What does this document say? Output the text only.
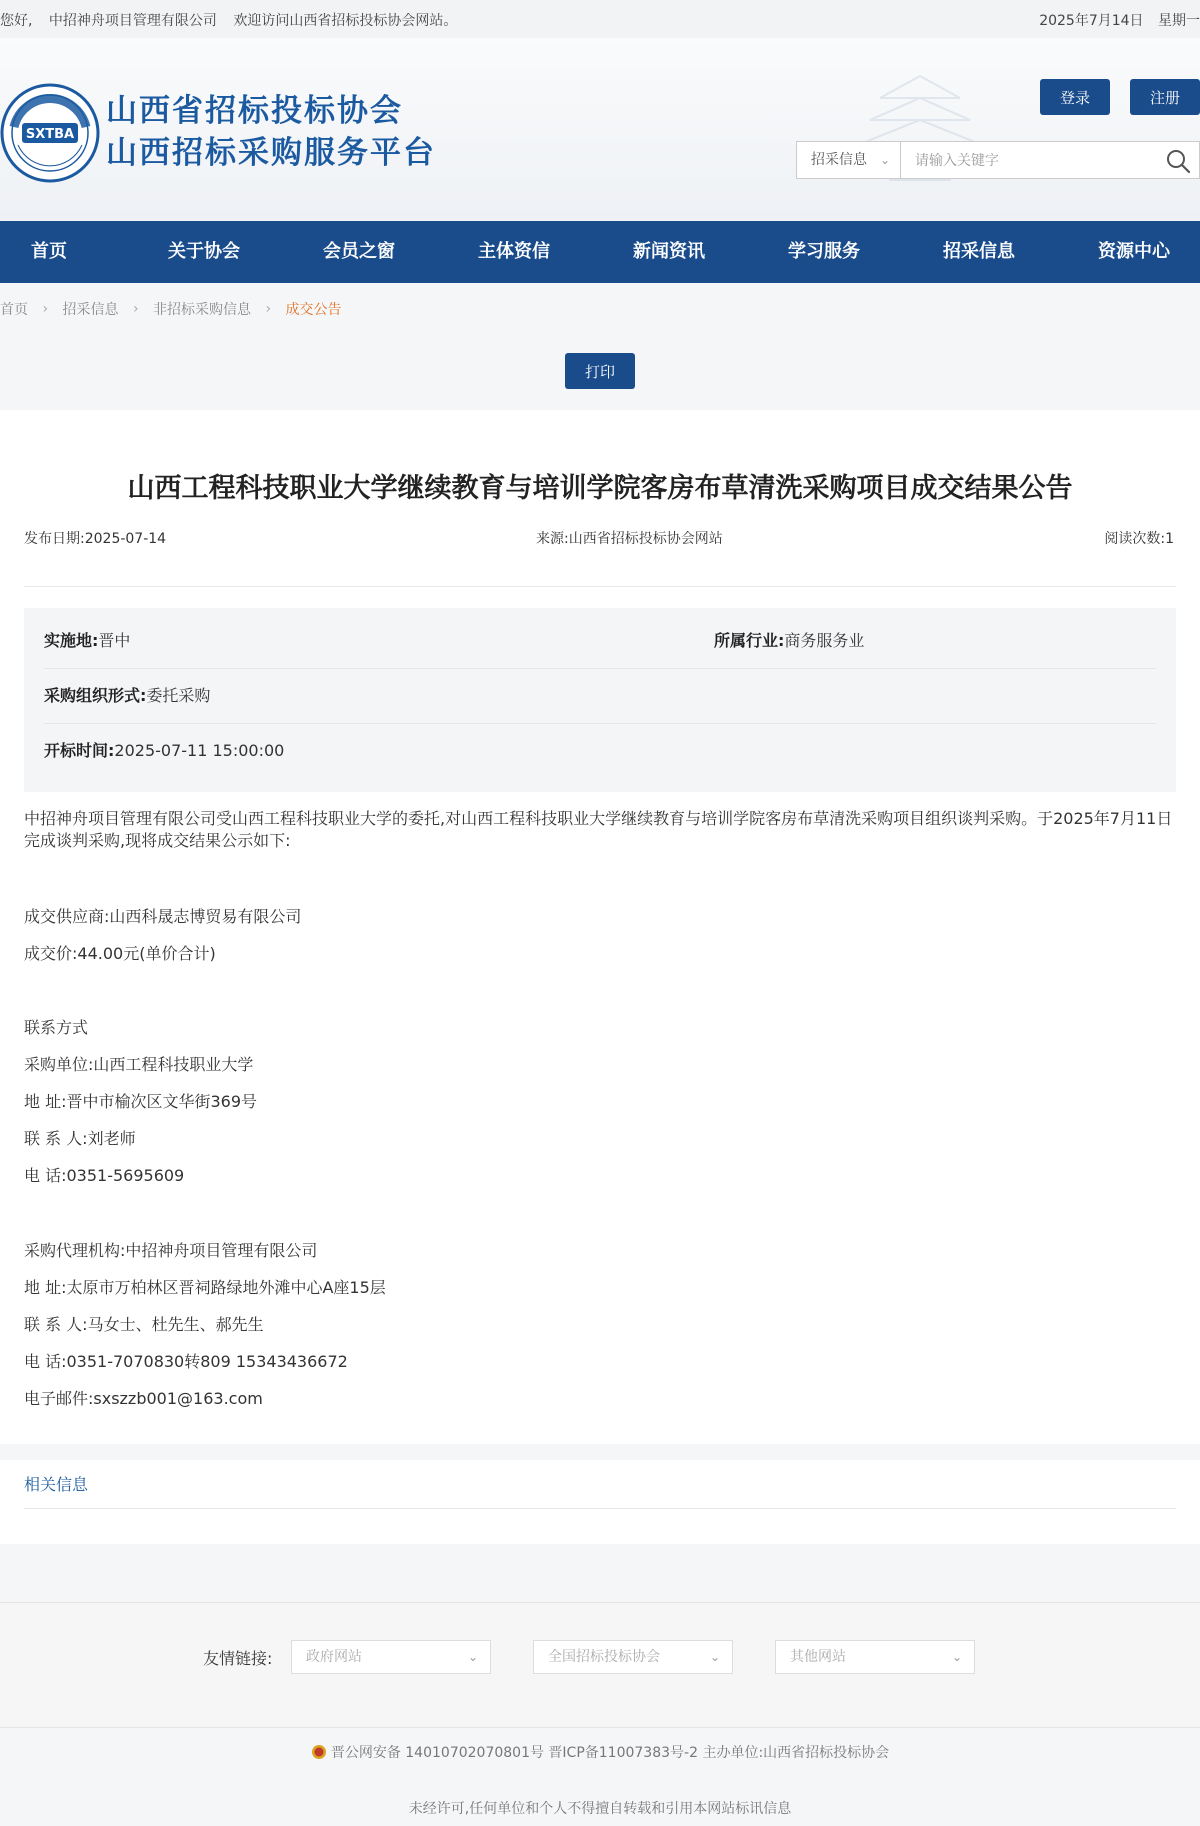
您好, 中招神舟项目管理有限公司 欢迎访问山西省招标投标协会网站。	2025年7月14日 星期一
SXTBA
山西省招标投标协会
山西招标采购服务平台
登录	注册
招采信息 ⌄
请输入关键字
首页	关于协会	会员之窗	主体资信	新闻资讯	学习服务	招采信息	资源中心
首页 › 招采信息 › 非招标采购信息 › 成交公告
打印
山西工程科技职业大学继续教育与培训学院客房布草清洗采购项目成交结果公告
发布日期:2025-07-14	来源:山西省招标投标协会网站	阅读次数:1
实施地:晋中	所属行业:商务服务业
采购组织形式:委托采购
开标时间:2025-07-11 15:00:00
中招神舟项目管理有限公司受山西工程科技职业大学的委托,对山西工程科技职业大学继续教育与培训学院客房布草清洗采购项目组织谈判采购。于2025年7月11日完成谈判采购,现将成交结果公示如下:
成交供应商:山西科晟志博贸易有限公司
成交价:44.00元(单价合计)
联系方式
采购单位:山西工程科技职业大学
地 址:晋中市榆次区文华街369号
联 系 人:刘老师
电 话:0351-5695609
采购代理机构:中招神舟项目管理有限公司
地 址:太原市万柏林区晋祠路绿地外滩中心A座15层
联 系 人:马女士、杜先生、郝先生
电 话:0351-7070830转809 15343436672
电子邮件:sxszzb001@163.com
相关信息
友情链接:	政府网站	⌄	全国招标投标协会	⌄	其他网站	⌄
晋公网安备 14010702070801号 晋ICP备11007383号-2 主办单位:山西省招标投标协会
未经许可,任何单位和个人不得擅自转载和引用本网站标讯信息
